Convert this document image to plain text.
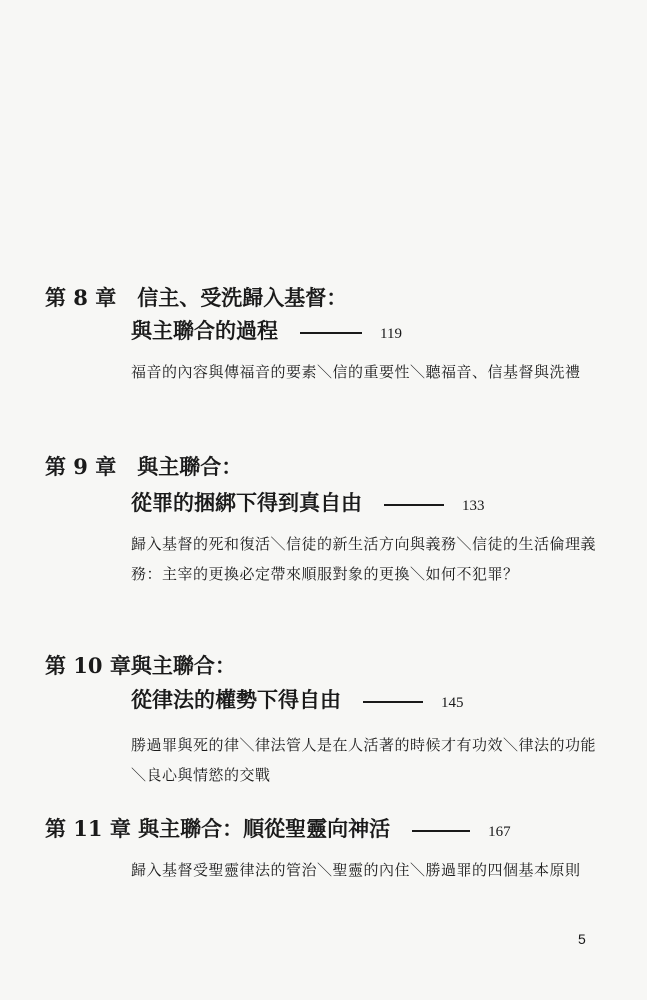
第 8 章　信主、受洗歸入基督：
與主聯合的過程	119
福音的內容與傳福音的要素＼信的重要性＼聽福音、信基督與洗禮
第 9 章　與主聯合：
從罪的捆綁下得到真自由	133
歸入基督的死和復活＼信徒的新生活方向與義務＼信徒的生活倫理義務：主宰的更換必定帶來順服對象的更換＼如何不犯罪？
第 10 章與主聯合：
從律法的權勢下得自由	145
勝過罪與死的律＼律法管人是在人活著的時候才有功效＼律法的功能＼良心與情慾的交戰
第 11 章 與主聯合：順從聖靈向神活	167
歸入基督受聖靈律法的管治＼聖靈的內住＼勝過罪的四個基本原則
5
